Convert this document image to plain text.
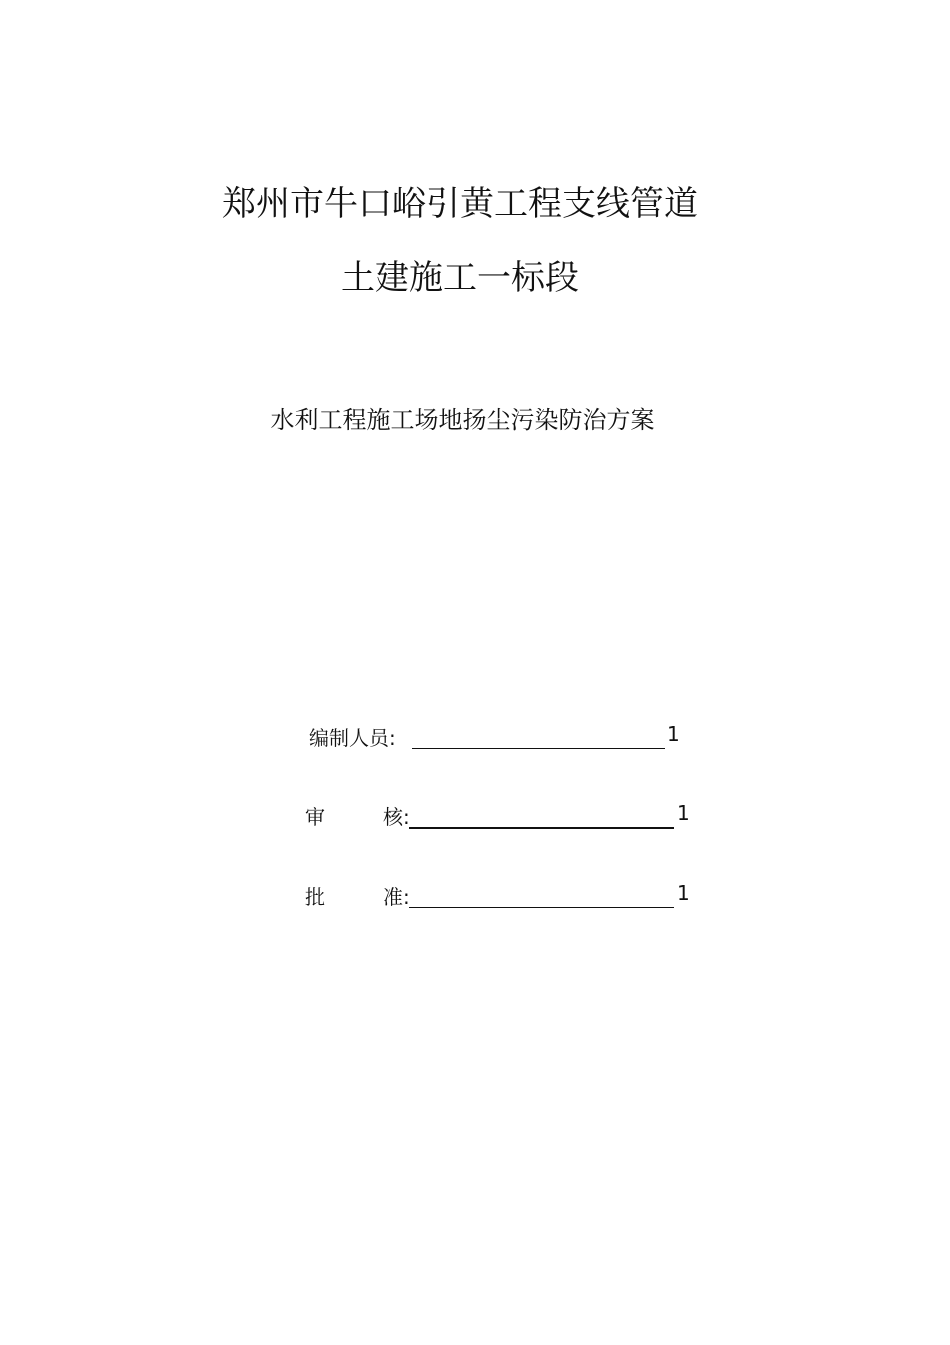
郑州市牛口峪引黄工程支线管道
土建施工一标段
水利工程施工场地扬尘污染防治方案
编制人员:	1
审	核:	1
批	准:	1
